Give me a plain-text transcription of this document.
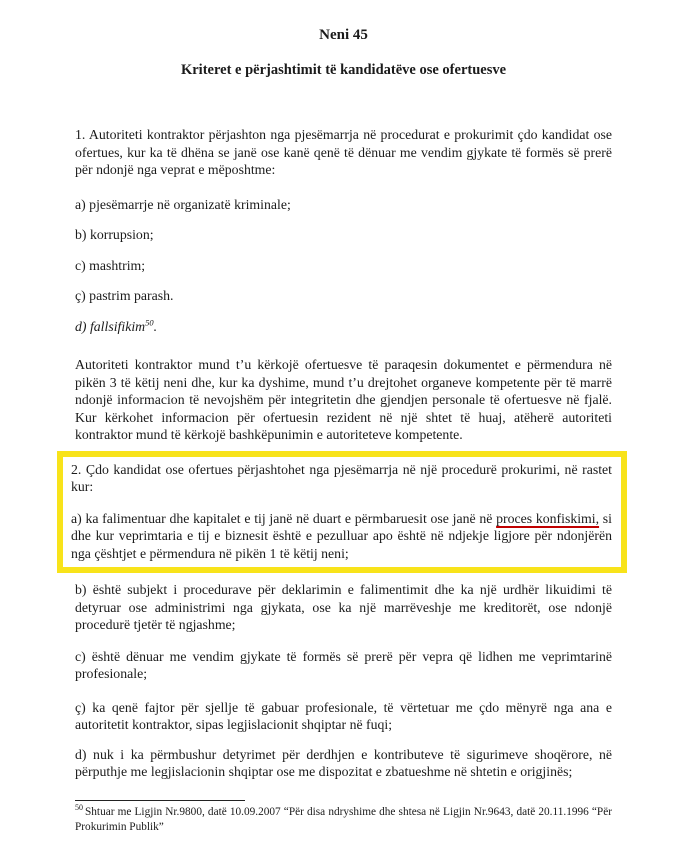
Neni 45
Kriteret e përjashtimit të kandidatëve ose ofertuesve

1. Autoriteti kontraktor përjashton nga pjesëmarrja në procedurat e prokurimit çdo kandidat ose ofertues, kur ka të dhëna se janë ose kanë qenë të dënuar me vendim gjykate të formës së prerë për ndonjë nga veprat e mëposhtme:

a) pjesëmarrje në organizatë kriminale;

b) korrupsion;

c) mashtrim;

ç) pastrim parash.

d) fallsifikim$^{50}$.

Autoriteti kontraktor mund t’u kërkojë ofertuesve të paraqesin dokumentet e përmendura në pikën 3 të këtij neni dhe, kur ka dyshime, mund t’u drejtohet organeve kompetente për të marrë ndonjë informacion të nevojshëm për integritetin dhe gjendjen personale të ofertuesve në fjalë. Kur kërkohet informacion për ofertuesin rezident në një shtet të huaj, atëherë autoriteti kontraktor mund të kërkojë bashkëpunimin e autoriteteve kompetente.

2. Çdo kandidat ose ofertues përjashtohet nga pjesëmarrja në një procedurë prokurimi, në rastet kur:

a) ka falimentuar dhe kapitalet e tij janë në duart e përmbaruesit ose janë në proces konfiskimi, si dhe kur veprimtaria e tij e biznesit është e pezulluar apo është në ndjekje ligjore për ndonjërën nga çështjet e përmendura në pikën 1 të këtij neni;

b) është subjekt i procedurave për deklarimin e falimentimit dhe ka një urdhër likuidimi të detyruar ose administrimi nga gjykata, ose ka një marrëveshje me kreditorët, ose ndonjë procedurë tjetër të ngjashme;

c) është dënuar me vendim gjykate të formës së prerë për vepra që lidhen me veprimtarinë profesionale;

ç) ka qenë fajtor për sjellje të gabuar profesionale, të vërtetuar me çdo mënyrë nga ana e autoritetit kontraktor, sipas legjislacionit shqiptar në fuqi;

d) nuk i ka përmbushur detyrimet për derdhjen e kontributeve të sigurimeve shoqërore, në përputhje me legjislacionin shqiptar ose me dispozitat e zbatueshme në shtetin e origjinës;

$^{50}$ Shtuar me Ligjin Nr.9800, datë 10.09.2007 “Për disa ndryshime dhe shtesa në Ligjin Nr.9643, datë 20.11.1996 “Për Prokurimin Publik”
